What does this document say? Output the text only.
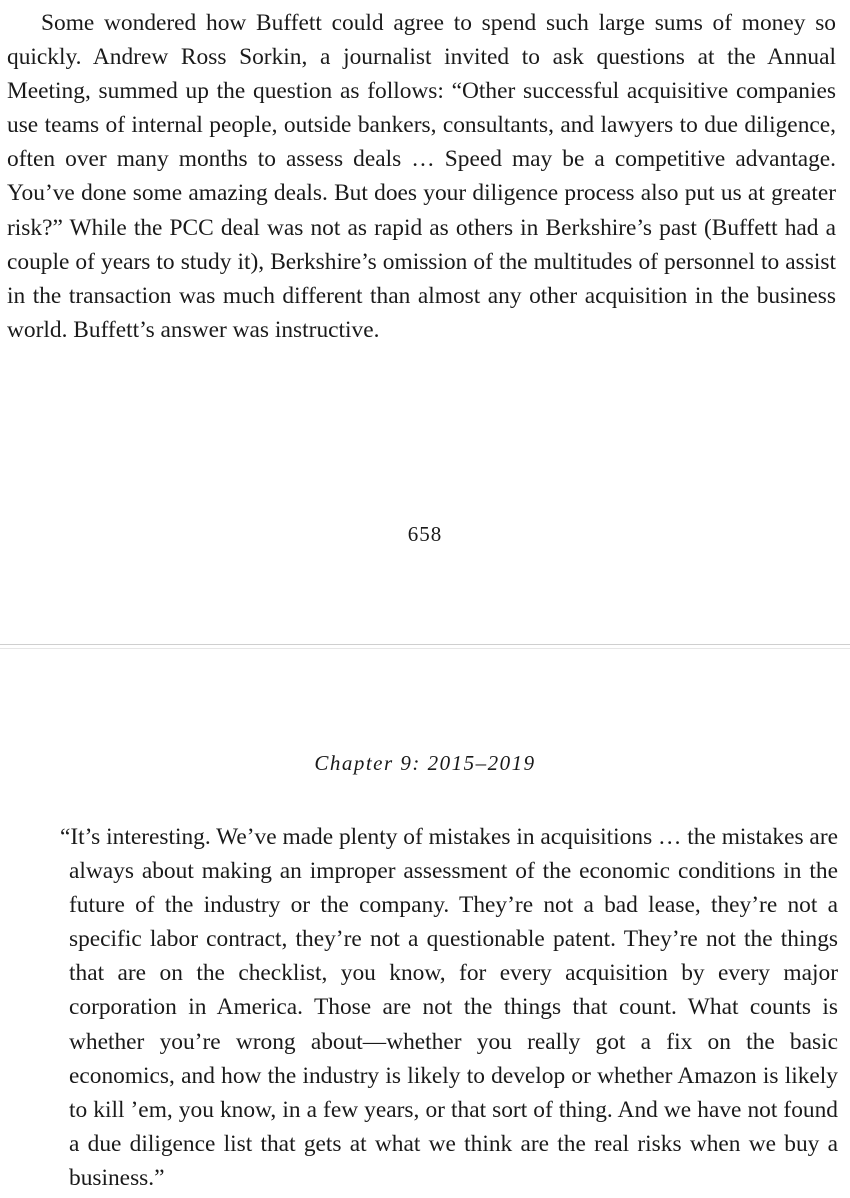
Some wondered how Buffett could agree to spend such large sums of money so quickly. Andrew Ross Sorkin, a journalist invited to ask questions at the Annual Meeting, summed up the question as follows: “Other successful acquisitive companies use teams of internal people, outside bankers, consultants, and lawyers to due diligence, often over many months to assess deals … Speed may be a competitive advantage. You’ve done some amazing deals. But does your diligence process also put us at greater risk?” While the PCC deal was not as rapid as others in Berkshire’s past (Buffett had a couple of years to study it), Berkshire’s omission of the multitudes of personnel to assist in the transaction was much different than almost any other acquisition in the business world. Buffett’s answer was instructive.

658
Chapter 9: 2015–2019

“It’s interesting. We’ve made plenty of mistakes in acquisitions … the mistakes are always about making an improper assessment of the economic conditions in the future of the industry or the company. They’re not a bad lease, they’re not a specific labor contract, they’re not a questionable patent. They’re not the things that are on the checklist, you know, for every acquisition by every major corporation in America. Those are not the things that count. What counts is whether you’re wrong about—whether you really got a fix on the basic economics, and how the industry is likely to develop or whether Amazon is likely to kill ’em, you know, in a few years, or that sort of thing. And we have not found a due diligence list that gets at what we think are the real risks when we buy a business.”
